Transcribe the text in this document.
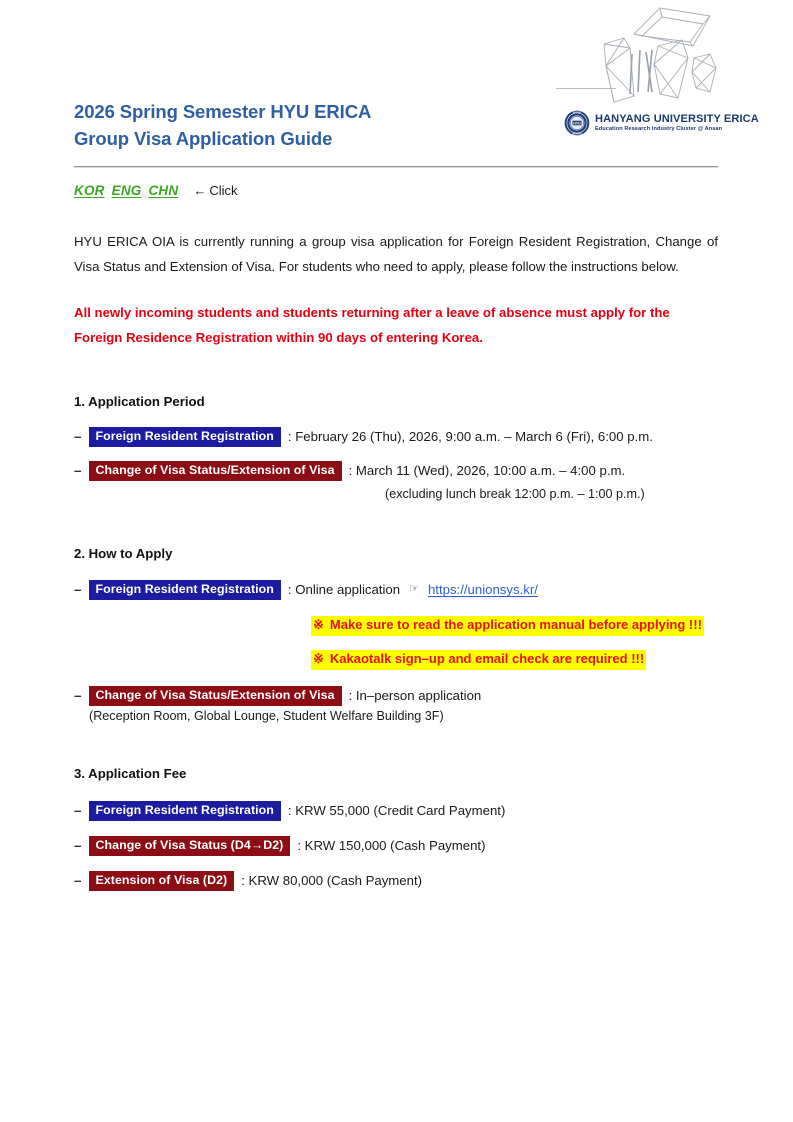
HYU
HANYANG
UNIVERSITY
HANYANG UNIVERSITY ERICA
Education Research Industry Cluster @ Ansan
2026 Spring Semester HYU ERICA
Group Visa Application Guide
KOR ENG CHN ← Click

HYU ERICA OIA is currently running a group visa application for Foreign Resident Registration, Change of Visa Status and Extension of Visa. For students who need to apply, please follow the instructions below.

All newly incoming students and students returning after a leave of absence must apply for the
Foreign Residence Registration within 90 days of entering Korea.
1. Application Period
–	Foreign Resident Registration	: February 26 (Thu), 2026, 9:00 a.m. – March 6 (Fri), 6:00 p.m.
–	Change of Visa Status/Extension of Visa	: March 11 (Wed), 2026, 10:00 a.m. – 4:00 p.m.
(excluding lunch break 12:00 p.m. – 1:00 p.m.)
2. How to Apply
–	Foreign Resident Registration	: Online application ☞ https://unionsys.kr/
※ Make sure to read the application manual before applying !!!
※ Kakaotalk sign–up and email check are required !!!
–	Change of Visa Status/Extension of Visa	: In–person application
(Reception Room, Global Lounge, Student Welfare Building 3F)
3. Application Fee
–	Foreign Resident Registration	: KRW 55,000 (Credit Card Payment)
–	Change of Visa Status (D4→D2)	: KRW 150,000 (Cash Payment)
–	Extension of Visa (D2)	: KRW 80,000 (Cash Payment)
